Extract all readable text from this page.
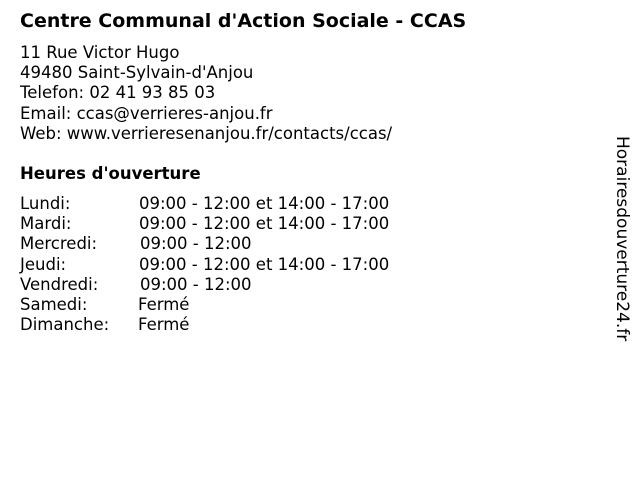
Centre Communal d'Action Sociale - CCAS
11 Rue Victor Hugo
49480 Saint-Sylvain-d'Anjou
Telefon: 02 41 93 85 03
Email: ccas@verrieres-anjou.fr
Web: www.verrieresenanjou.fr/contacts/ccas/
Heures d'ouverture
Lundi:	09:00 - 12:00 et 14:00 - 17:00
Mardi:	09:00 - 12:00 et 14:00 - 17:00
Mercredi:	09:00 - 12:00
Jeudi:	09:00 - 12:00 et 14:00 - 17:00
Vendredi:	09:00 - 12:00
Samedi:	Fermé
Dimanche: Fermé	Horairesdouverture24.fr
